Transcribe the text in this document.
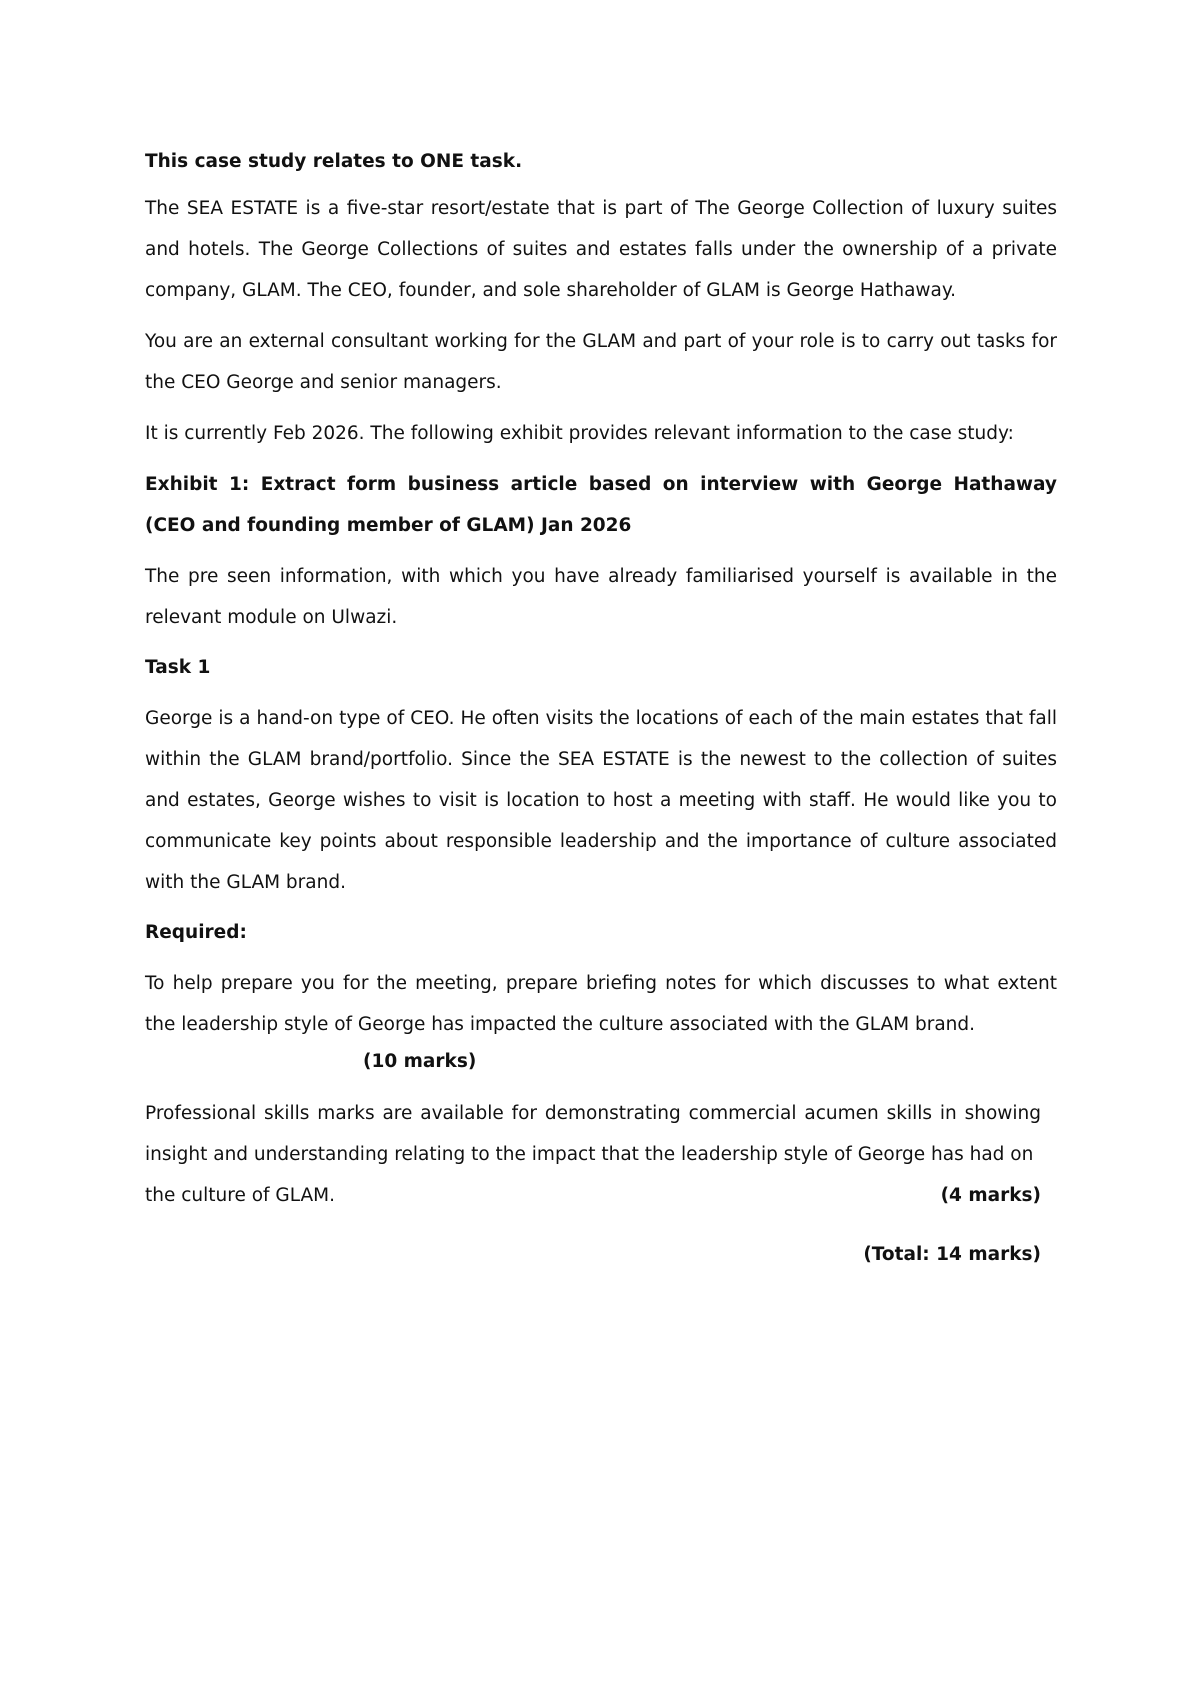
This case study relates to ONE task.

The SEA ESTATE is a five-star resort/estate that is part of The George Collection of luxury suites and hotels. The George Collections of suites and estates falls under the ownership of a private company, GLAM. The CEO, founder, and sole shareholder of GLAM is George Hathaway.

You are an external consultant working for the GLAM and part of your role is to carry out tasks for the CEO George and senior managers.

It is currently Feb 2026. The following exhibit provides relevant information to the case study:

Exhibit 1: Extract form business article based on interview with George Hathaway (CEO and founding member of GLAM) Jan 2026

The pre seen information, with which you have already familiarised yourself is available in the relevant module on Ulwazi.

Task 1

George is a hand-on type of CEO. He often visits the locations of each of the main estates that fall within the GLAM brand/portfolio. Since the SEA ESTATE is the newest to the collection of suites and estates, George wishes to visit is location to host a meeting with staff. He would like you to communicate key points about responsible leadership and the importance of culture associated with the GLAM brand.

Required:

To help prepare you for the meeting, prepare briefing notes for which discusses to what extent the leadership style of George has impacted the culture associated with the GLAM brand.

(10 marks)

Professional skills marks are available for demonstrating commercial acumen skills in showing insight and understanding relating to the impact that the leadership style of George has had on

the culture of GLAM.	(4 marks)

(Total: 14 marks)
